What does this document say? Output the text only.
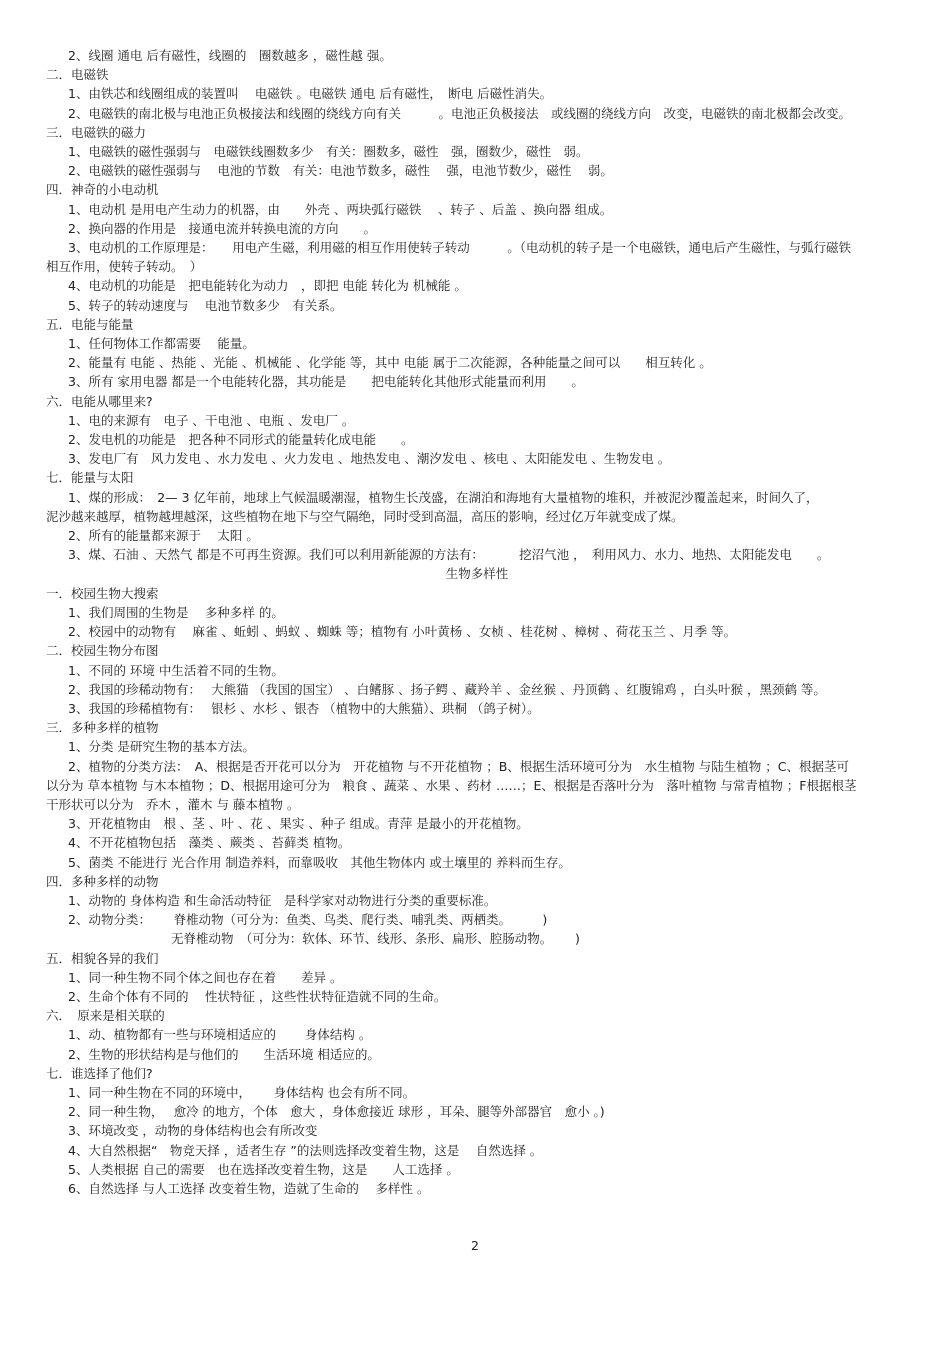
2、线圈 通电 后有磁性，线圈的　圈数越多 ，磁性越 强。
二．电磁铁
1、由铁芯和线圈组成的装置叫　 电磁铁 。电磁铁 通电 后有磁性，　断电 后磁性消失。
2、电磁铁的南北极与电池正负极接法和线圈的绕线方向有关　　　。电池正负极接法　或线圈的绕线方向　改变，电磁铁的南北极都会改变。
三．电磁铁的磁力
1、电磁铁的磁性强弱与　电磁铁线圈数多少　有关：圈数多，磁性　强，圈数少，磁性　弱。
2、电磁铁的磁性强弱与　 电池的节数　有关：电池节数多，磁性　 强，电池节数少，磁性　 弱。
四．神奇的小电动机
1、电动机 是用电产生动力的机器，由　　外壳 、两块弧行磁铁 　、转子 、后盖 、换向器 组成。
2、换向器的作用是　接通电流并转换电流的方向　　。
3、电动机的工作原理是：　　用电产生磁，利用磁的相互作用使转子转动　　　。（电动机的转子是一个电磁铁，通电后产生磁性，与弧行磁铁
相互作用，使转子转动。　）
4、电动机的功能是　把电能转化为动力　，即把 电能 转化为 机械能 。
5、转子的转动速度与　 电池节数多少　有关系。
五．电能与能量
1、任何物体工作都需要　 能量。
2、能量有 电能 、热能 、光能 、机械能 、化学能 等，其中 电能 属于二次能源，各种能量之间可以　　相互转化 。
3、所有 家用电器 都是一个电能转化器，其功能是　　把电能转化其他形式能量而利用　　。
六．电能从哪里来?
1、电的来源有　电子 、干电池 、电瓶 、发电厂 。
2、发电机的功能是　把各种不同形式的能量转化成电能　　。
3、发电厂有　风力发电 、水力发电 、火力发电 、地热发电 、潮汐发电 、核电 、太阳能发电 、生物发电 。
七．能量与太阳
1、煤的形成：　2— 3 亿年前，地球上气候温暖潮湿，植物生长茂盛，在湖泊和海地有大量植物的堆积，并被泥沙覆盖起来，时间久了，
泥沙越来越厚，植物越埋越深，这些植物在地下与空气隔绝，同时受到高温，高压的影响，经过亿万年就变成了煤。
2、所有的能量都来源于　 太阳 。
3、煤、石油 、天然气 都是不可再生资源。我们可以利用新能源的方法有：　　　 挖沼气池 ，　利用风力、水力、地热、太阳能发电　　。
生物多样性
一．校园生物大搜索
1、我们周围的生物是　 多种多样 的。
2、校园中的动物有　 麻雀 、蚯蚓 、蚂蚁 、蜘蛛 等；植物有 小叶黄杨 、女桢 、桂花树 、樟树 、荷花玉兰 、月季 等。
二．校园生物分布图
1、不同的 环境 中生活着不同的生物。
2、我国的珍稀动物有：　 大熊猫 （我国的国宝） 、白鳍豚 、扬子鳄 、藏羚羊 、金丝猴 、丹顶鹤 、红腹锦鸡 ，白头叶猴 ，黑颈鹤 等。
3、我国的珍稀植物有：　 银杉 、水杉 、银杏 （植物中的大熊猫）、珙桐 （鸽子树）。
三．多种多样的植物
1、分类 是研究生物的基本方法。
2、植物的分类方法：　A、根据是否开花可以分为　开花植物 与不开花植物 ；B、根据生活环境可分为　水生植物 与陆生植物 ；C、根据茎可
以分为 草本植物 与木本植物 ；D、根据用途可分为　粮食 、蔬菜 、水果 、药材 ……；E、根据是否落叶分为　落叶植物 与常青植物 ；F根据根茎
干形状可以分为　乔木 ，灌木 与 藤本植物 。
3、开花植物由　根 、茎 、叶 、花 、果实 、种子 组成。青萍 是最小的开花植物。
4、不开花植物包括　藻类 、蕨类 、苔藓类 植物。
5、菌类 不能进行 光合作用 制造养料，而靠吸收　其他生物体内 或土壤里的 养料而生存。
四．多种多样的动物
1、动物的 身体构造 和生命活动特征　是科学家对动物进行分类的重要标准。
2、动物分类：　　 脊椎动物（可分为：鱼类、鸟类、爬行类、哺乳类、两栖类。　　　)
无脊椎动物　（可分为：软体、环节、线形、条形、扁形、腔肠动物。　　 )
五．相貌各异的我们
1、同一种生物不同个体之间也存在着　　差异 。
2、生命个体有不同的　 性状特征 ，这些性状特征造就不同的生命。
六．　原来是相关联的
1、动、植物都有一些与环境相适应的　　 身体结构 。
2、生物的形状结构是与他们的　　生活环境 相适应的。
七．谁选择了他们?
1、同一种生物在不同的环境中，　　 身体结构 也会有所不同。
2、同一种生物，　 愈冷 的地方，个体　愈大 ，身体愈接近 球形 ，耳朵、腿等外部器官　愈小 。)
3、环境改变 ，动物的身体结构也会有所改变
4、大自然根据“　物竞天择 ，适者生存 ”的法则选择改变着生物，这是　 自然选择 。
5、人类根据 自己的需要　也在选择改变着生物，这是　　人工选择 。
6、自然选择 与人工选择 改变着生物，造就了生命的　 多样性 。
2
